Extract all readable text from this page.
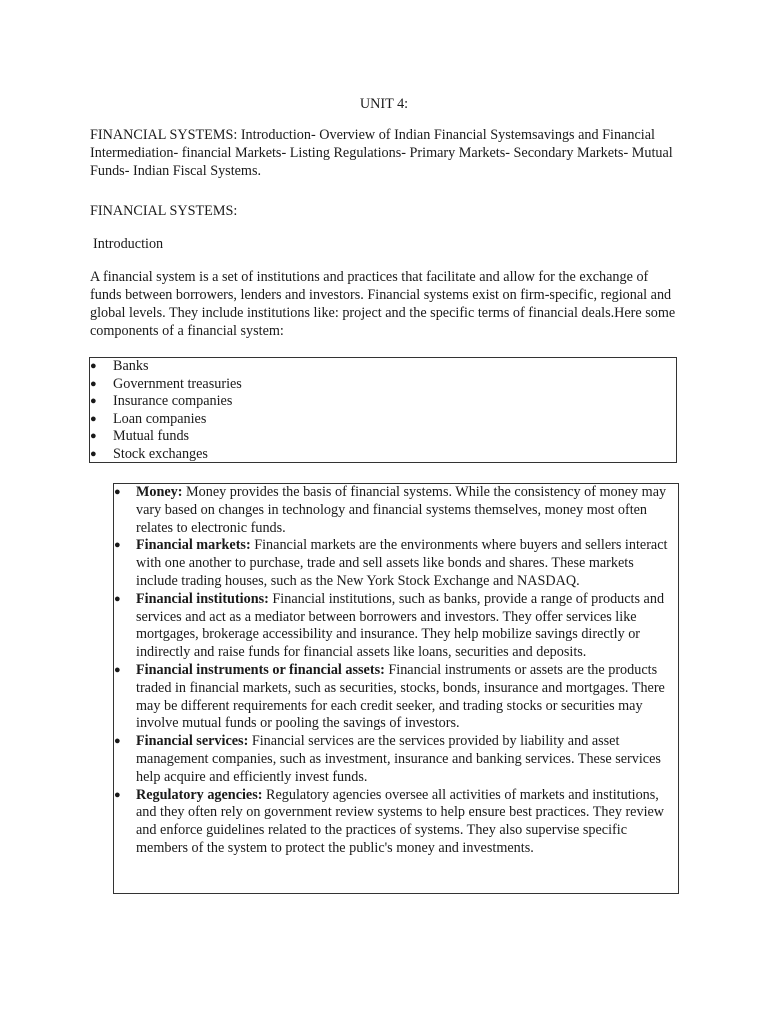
UNIT 4:
FINANCIAL SYSTEMS: Introduction- Overview of Indian Financial Systemsavings and Financial Intermediation- financial Markets- Listing Regulations- Primary Markets- Secondary Markets- Mutual Funds- Indian Fiscal Systems.
FINANCIAL SYSTEMS:
Introduction
A financial system is a set of institutions and practices that facilitate and allow for the exchange of funds between borrowers, lenders and investors. Financial systems exist on firm-specific, regional and global levels. They include institutions like: project and the specific terms of financial deals.Here some components of a financial system:
● Banks
● Government treasuries
● Insurance companies
● Loan companies
● Mutual funds
● Stock exchanges
● Money: Money provides the basis of financial systems. While the consistency of money may vary based on changes in technology and financial systems themselves, money most often relates to electronic funds.
● Financial markets: Financial markets are the environments where buyers and sellers interact with one another to purchase, trade and sell assets like bonds and shares. These markets include trading houses, such as the New York Stock Exchange and NASDAQ.
● Financial institutions: Financial institutions, such as banks, provide a range of products and services and act as a mediator between borrowers and investors. They offer services like mortgages, brokerage accessibility and insurance. They help mobilize savings directly or indirectly and raise funds for financial assets like loans, securities and deposits.
● Financial instruments or financial assets: Financial instruments or assets are the products traded in financial markets, such as securities, stocks, bonds, insurance and mortgages. There may be different requirements for each credit seeker, and trading stocks or securities may involve mutual funds or pooling the savings of investors.
● Financial services: Financial services are the services provided by liability and asset management companies, such as investment, insurance and banking services. These services help acquire and efficiently invest funds.
● Regulatory agencies: Regulatory agencies oversee all activities of markets and institutions, and they often rely on government review systems to help ensure best practices. They review and enforce guidelines related to the practices of systems. They also supervise specific members of the system to protect the public's money and investments.
